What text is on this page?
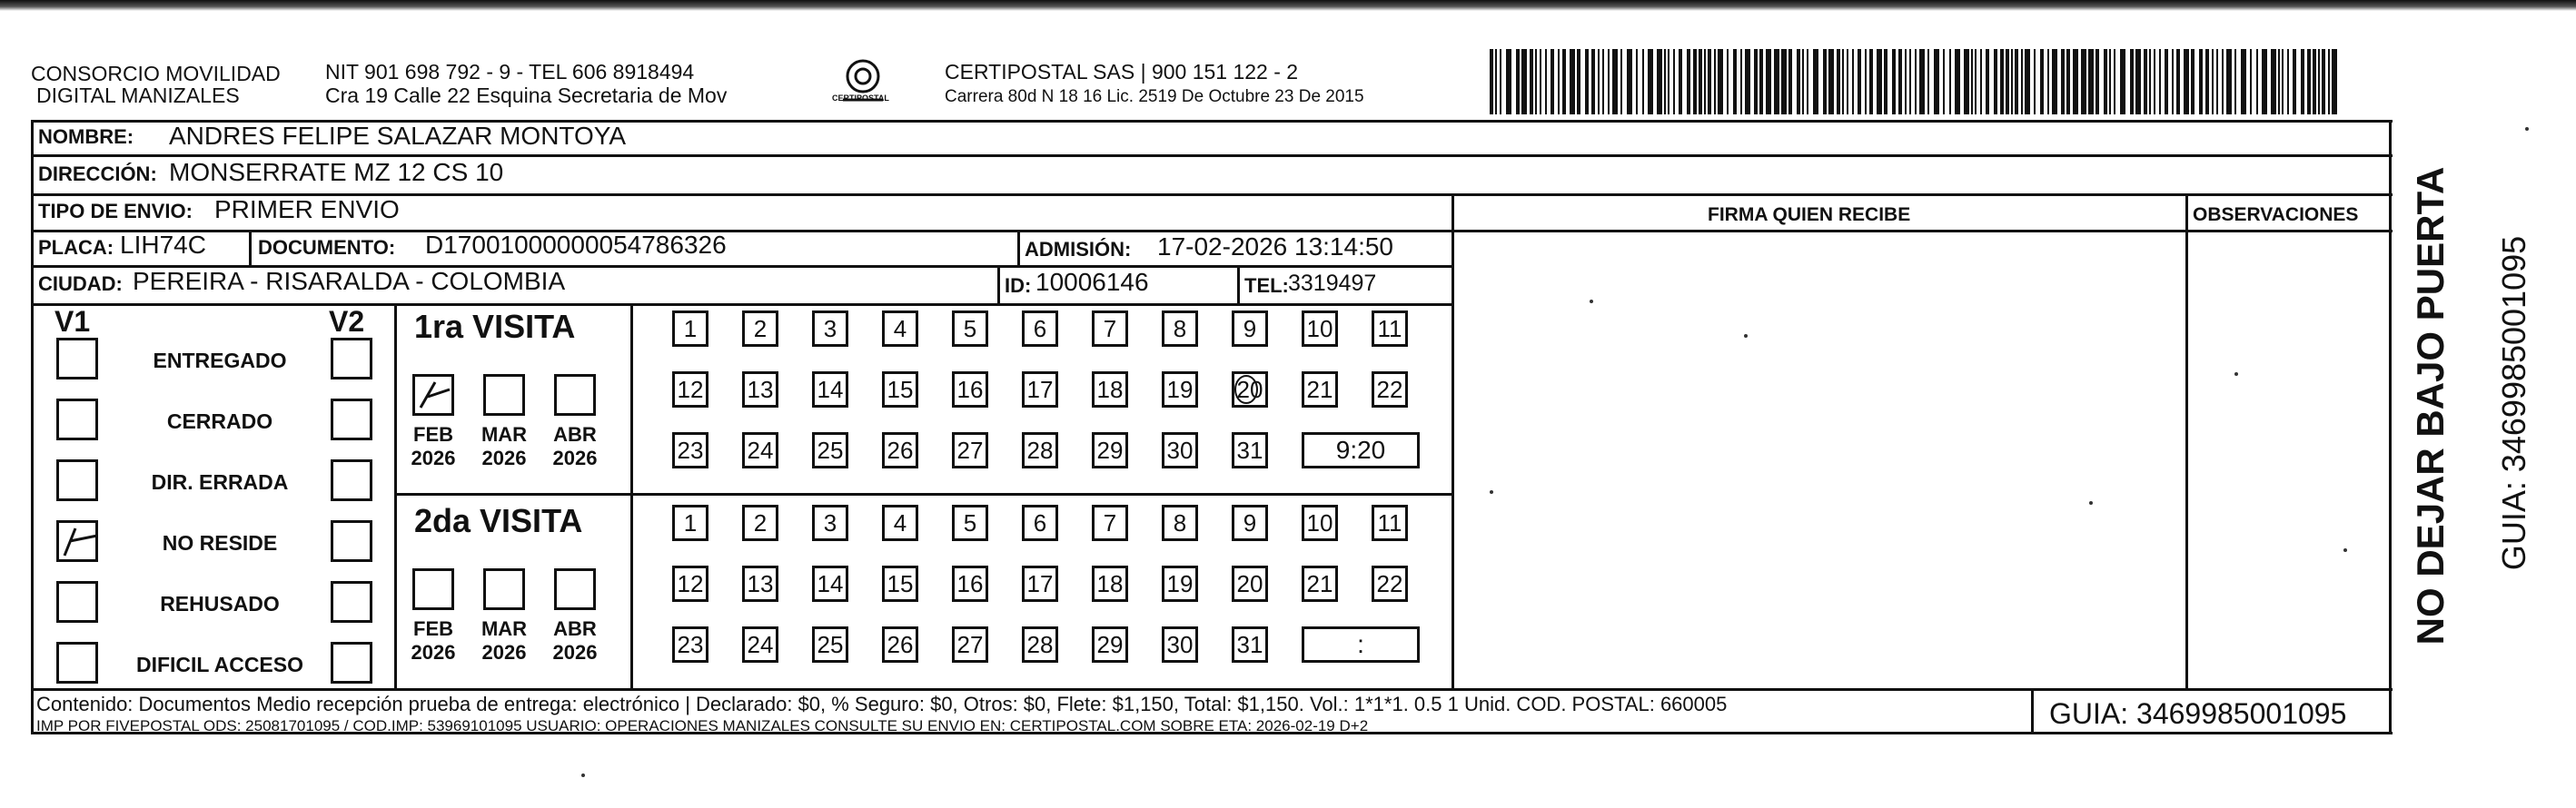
CONSORCIO MOVILIDAD
DIGITAL MANIZALES
NIT 901 698 792 - 9 - TEL 606 8918494
Cra 19 Calle 22 Esquina Secretaria de Mov	CERTIPOSTAL
CERTIPOSTAL SAS | 900 151 122 - 2
Carrera 80d N 18 16 Lic. 2519 De Octubre 23 De 2015
NOMBRE: ANDRES FELIPE SALAZAR MONTOYA
DIRECCIÓN: MONSERRATE MZ 12 CS 10
TIPO DE ENVIO: PRIMER ENVIO	FIRMA QUIEN RECIBE	OBSERVACIONES
PLACA: LIH74C	DOCUMENTO: D17001000000054786326	ADMISIÓN: 17-02-2026 13:14:50
CIUDAD: PEREIRA - RISARALDA - COLOMBIA	ID: 10006146	TEL: 3319497
V1	V2
ENTREGADO
CERRADO
DIR. ERRADA
NO RESIDE
REHUSADO
DIFICIL ACCESO
1ra VISITA
2da VISITA
FEB
2026
MAR
2026
ABR
2026
1	2	3	4	5	6	7	8	9	10 11
12 13 14 15 16 17 18 19 20 21 22
23 24 25 26 27 28 29 30 31	9:20
FEB
2026
MAR
2026
ABR
2026
1	2	3	4	5	6	7	8	9	10 11
12 13 14 15 16 17 18 19 20 21 22
23 24 25 26 27 28 29 30 31	:
Contenido: Documentos Medio recepción prueba de entrega: electrónico | Declarado: $0, % Seguro: $0, Otros: $0, Flete: $1,150, Total: $1,150. Vol.: 1*1*1. 0.5 1 Unid. COD. POSTAL: 660005
IMP POR FIVEPOSTAL ODS: 25081701095 / COD.IMP: 53969101095 USUARIO: OPERACIONES MANIZALES CONSULTE SU ENVIO EN: CERTIPOSTAL.COM SOBRE ETA: 2026-02-19 D+2	GUIA: 3469985001095
NO DEJAR BAJO PUERTA GUIA: 3469985001095
